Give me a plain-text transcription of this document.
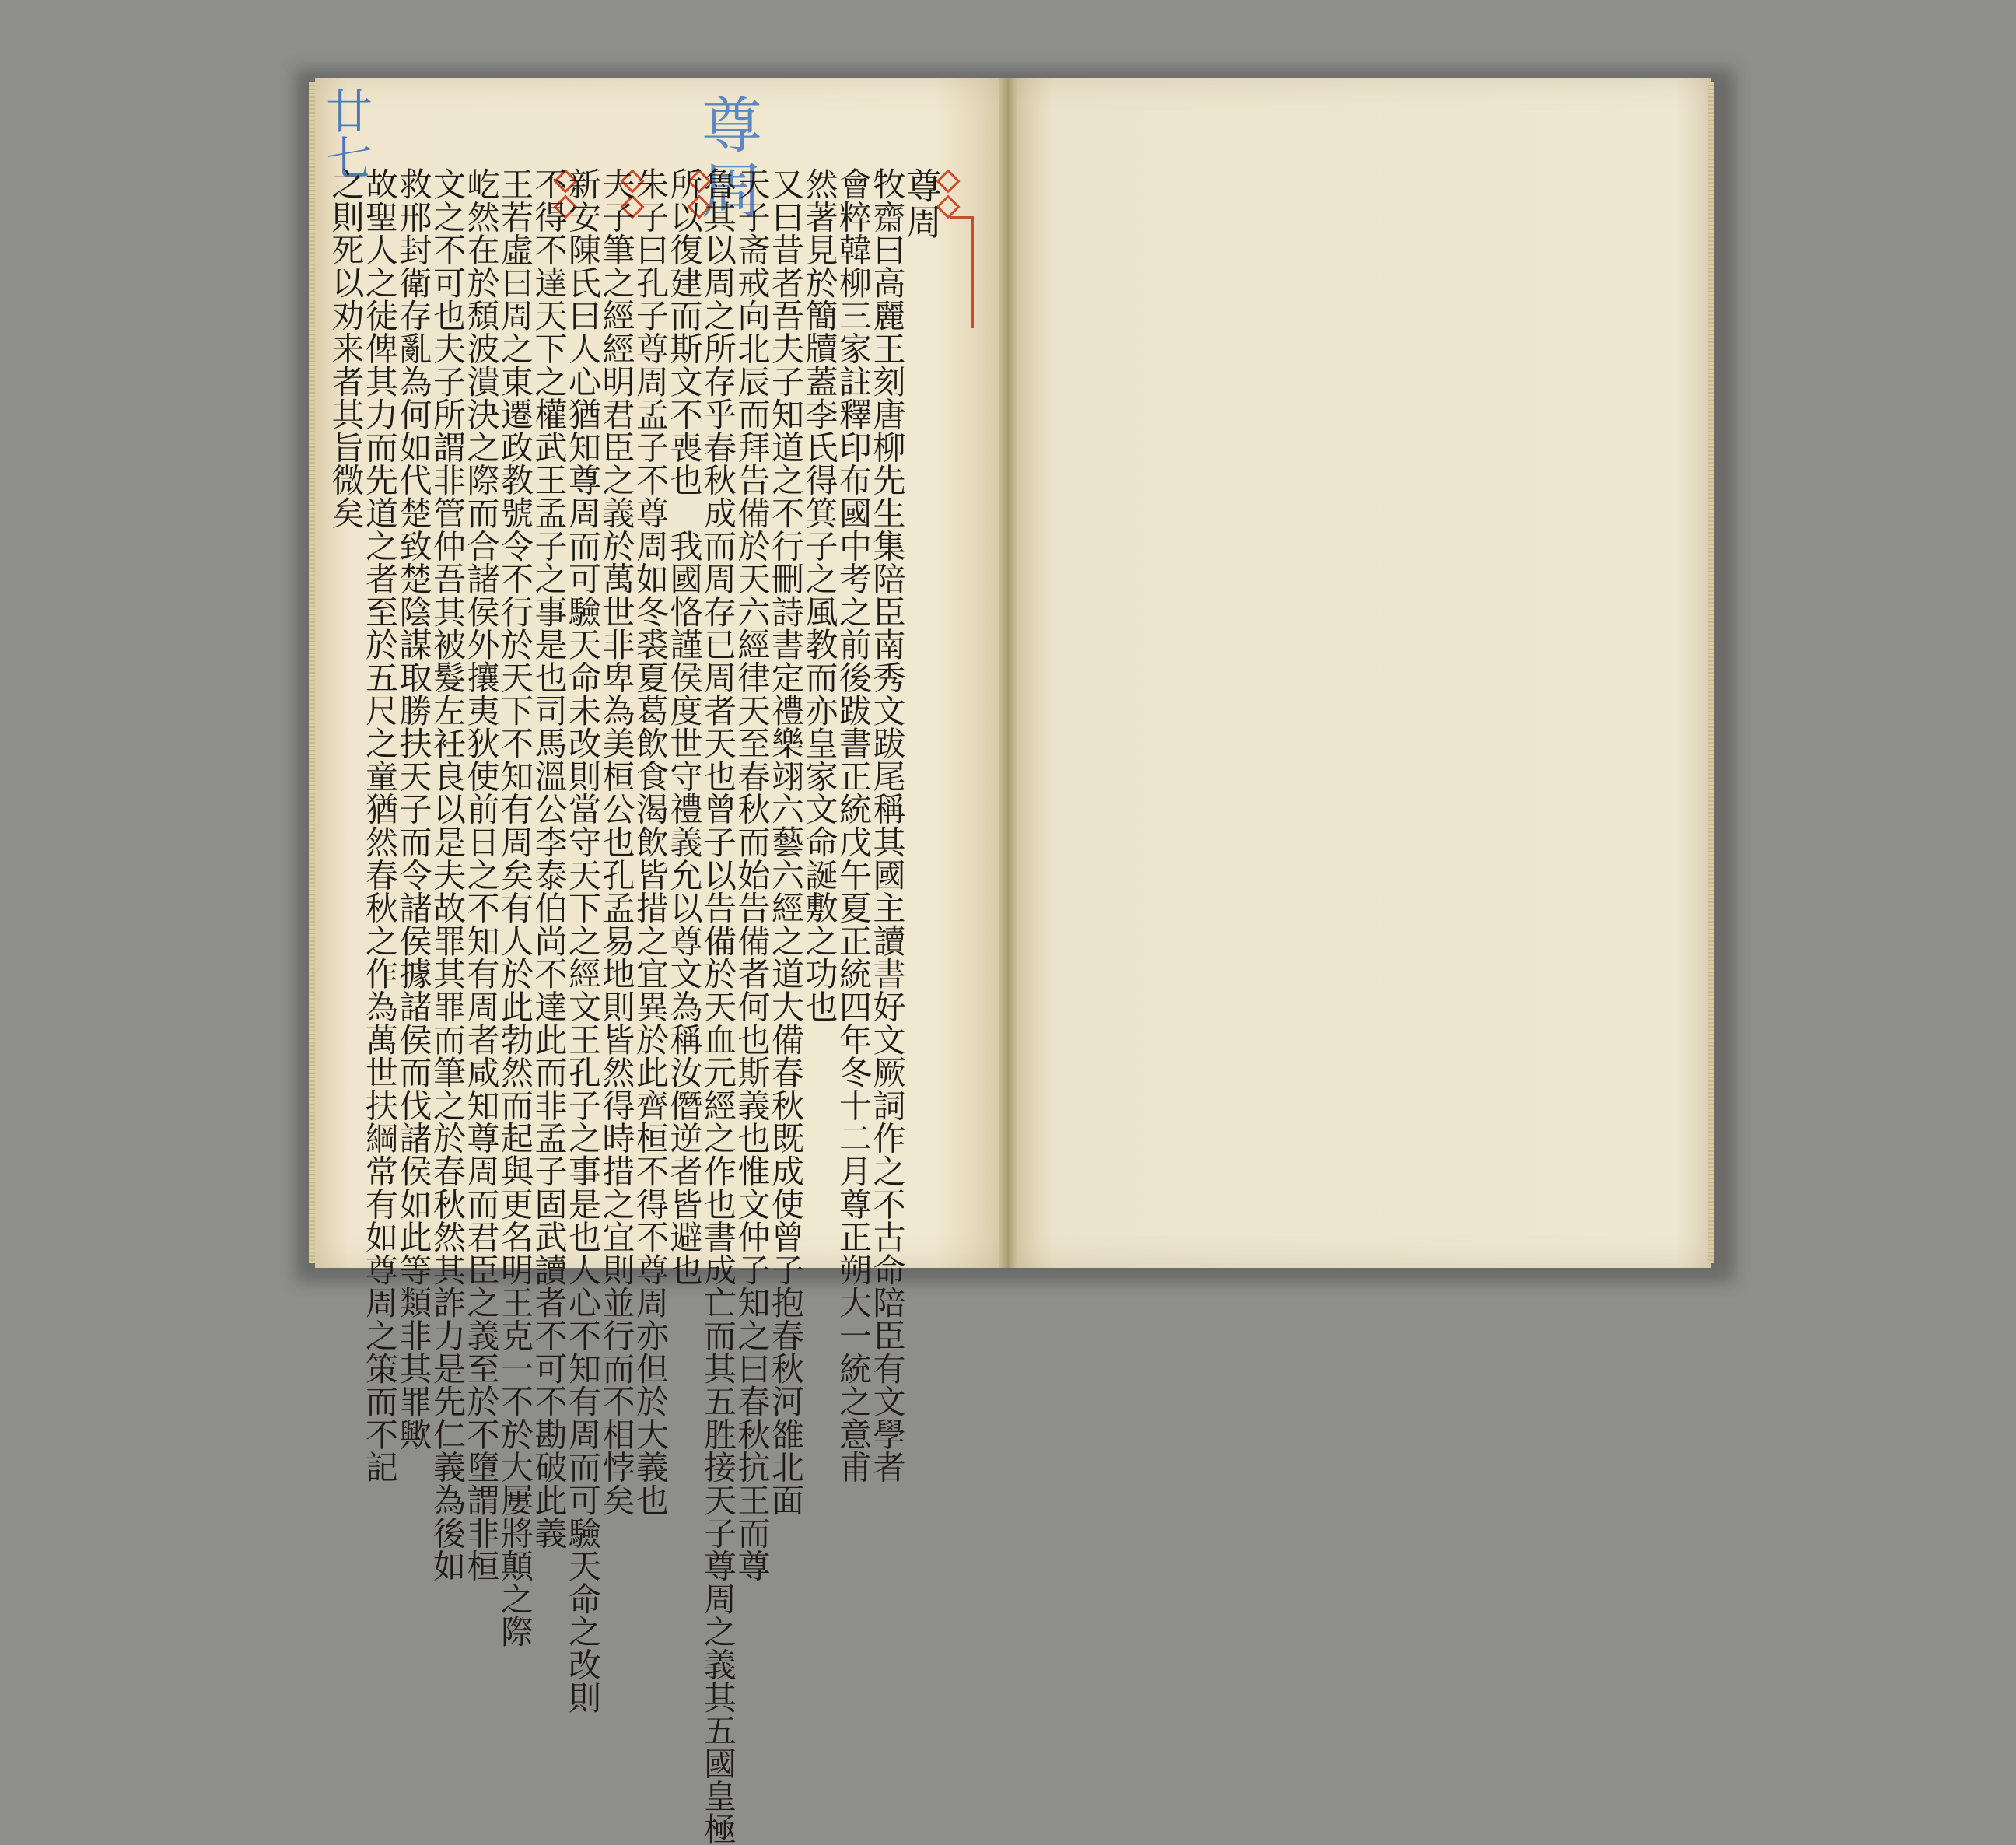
廿七	尊周	尊周
牧齋曰高麗王刻唐柳先生集陪臣南秀文跋尾稱其國主讀書好文厥詞作之不古命陪臣有文學者
會粹韓柳三家註釋印布國中考之前後跋書正統戊午夏正統四年冬十二月尊正朔大一統之意甫
然著見於簡牘蓋李氏得箕子之風教而亦皇家文命誕敷之功也
又曰昔者吾夫子知道之不行刪詩書定禮樂翊六藝六經之道大備春秋既成使曾子抱春秋河雒北面
天子斋戒向北辰而拜告備於天六經律天至春秋而始告備者何也斯義也惟文仲子知之曰春秋抗王而尊
魯其以周之所存乎春秋成而周存已周者天也曾子以告備於天血元經之作也書成亡而其五胜接天子尊周之義其五國皇極
所以復建而斯文不喪也　我國恪謹侯度世守禮義允以尊文為稱汝僭逆者皆避也
朱子曰孔子尊周孟子不尊周如冬裘夏葛飲食渴飲皆措之宜異於此齊桓不得不尊周亦但於大義也
夫子筆之經經明君臣之義於萬世非卑為美桓公也孔孟易地則皆然得時措之宜則並行而不相悖矣
新安陳氏曰人心猶知尊周而可驗天命未改則當守天下之經文王孔子之事是也人心不知有周而可驗天命之改則
不得不達天下之權武王孟子之事是也司馬溫公李泰伯尚不達此而非孟子固武讀者不可不勘破此義
王若虛曰周之東遷政教號令不行於天下不知有周矣有人於此勃然而起與更名明王克一不於大屢將顛之際
屹然在於頹波潰決之際而合諸侯外攘夷狄使前日之不知有周者咸知尊周而君臣之義至於不墮謂非桓
文之不可也夫子所謂非管仲吾其被髮左衽良以是夫故罪其罪而筆之於春秋然其詐力是先仁義為後如
救邢封衛存亂為何如代楚致楚陰謀取勝扶天子而令諸侯據諸侯而伐諸侯如此等類非其罪歟
故聖人之徒俾其力而先道之者至於五尺之童猶然春秋之作為萬世扶綱常有如尊周之策而不記
之則死以劝来者其旨微矣
